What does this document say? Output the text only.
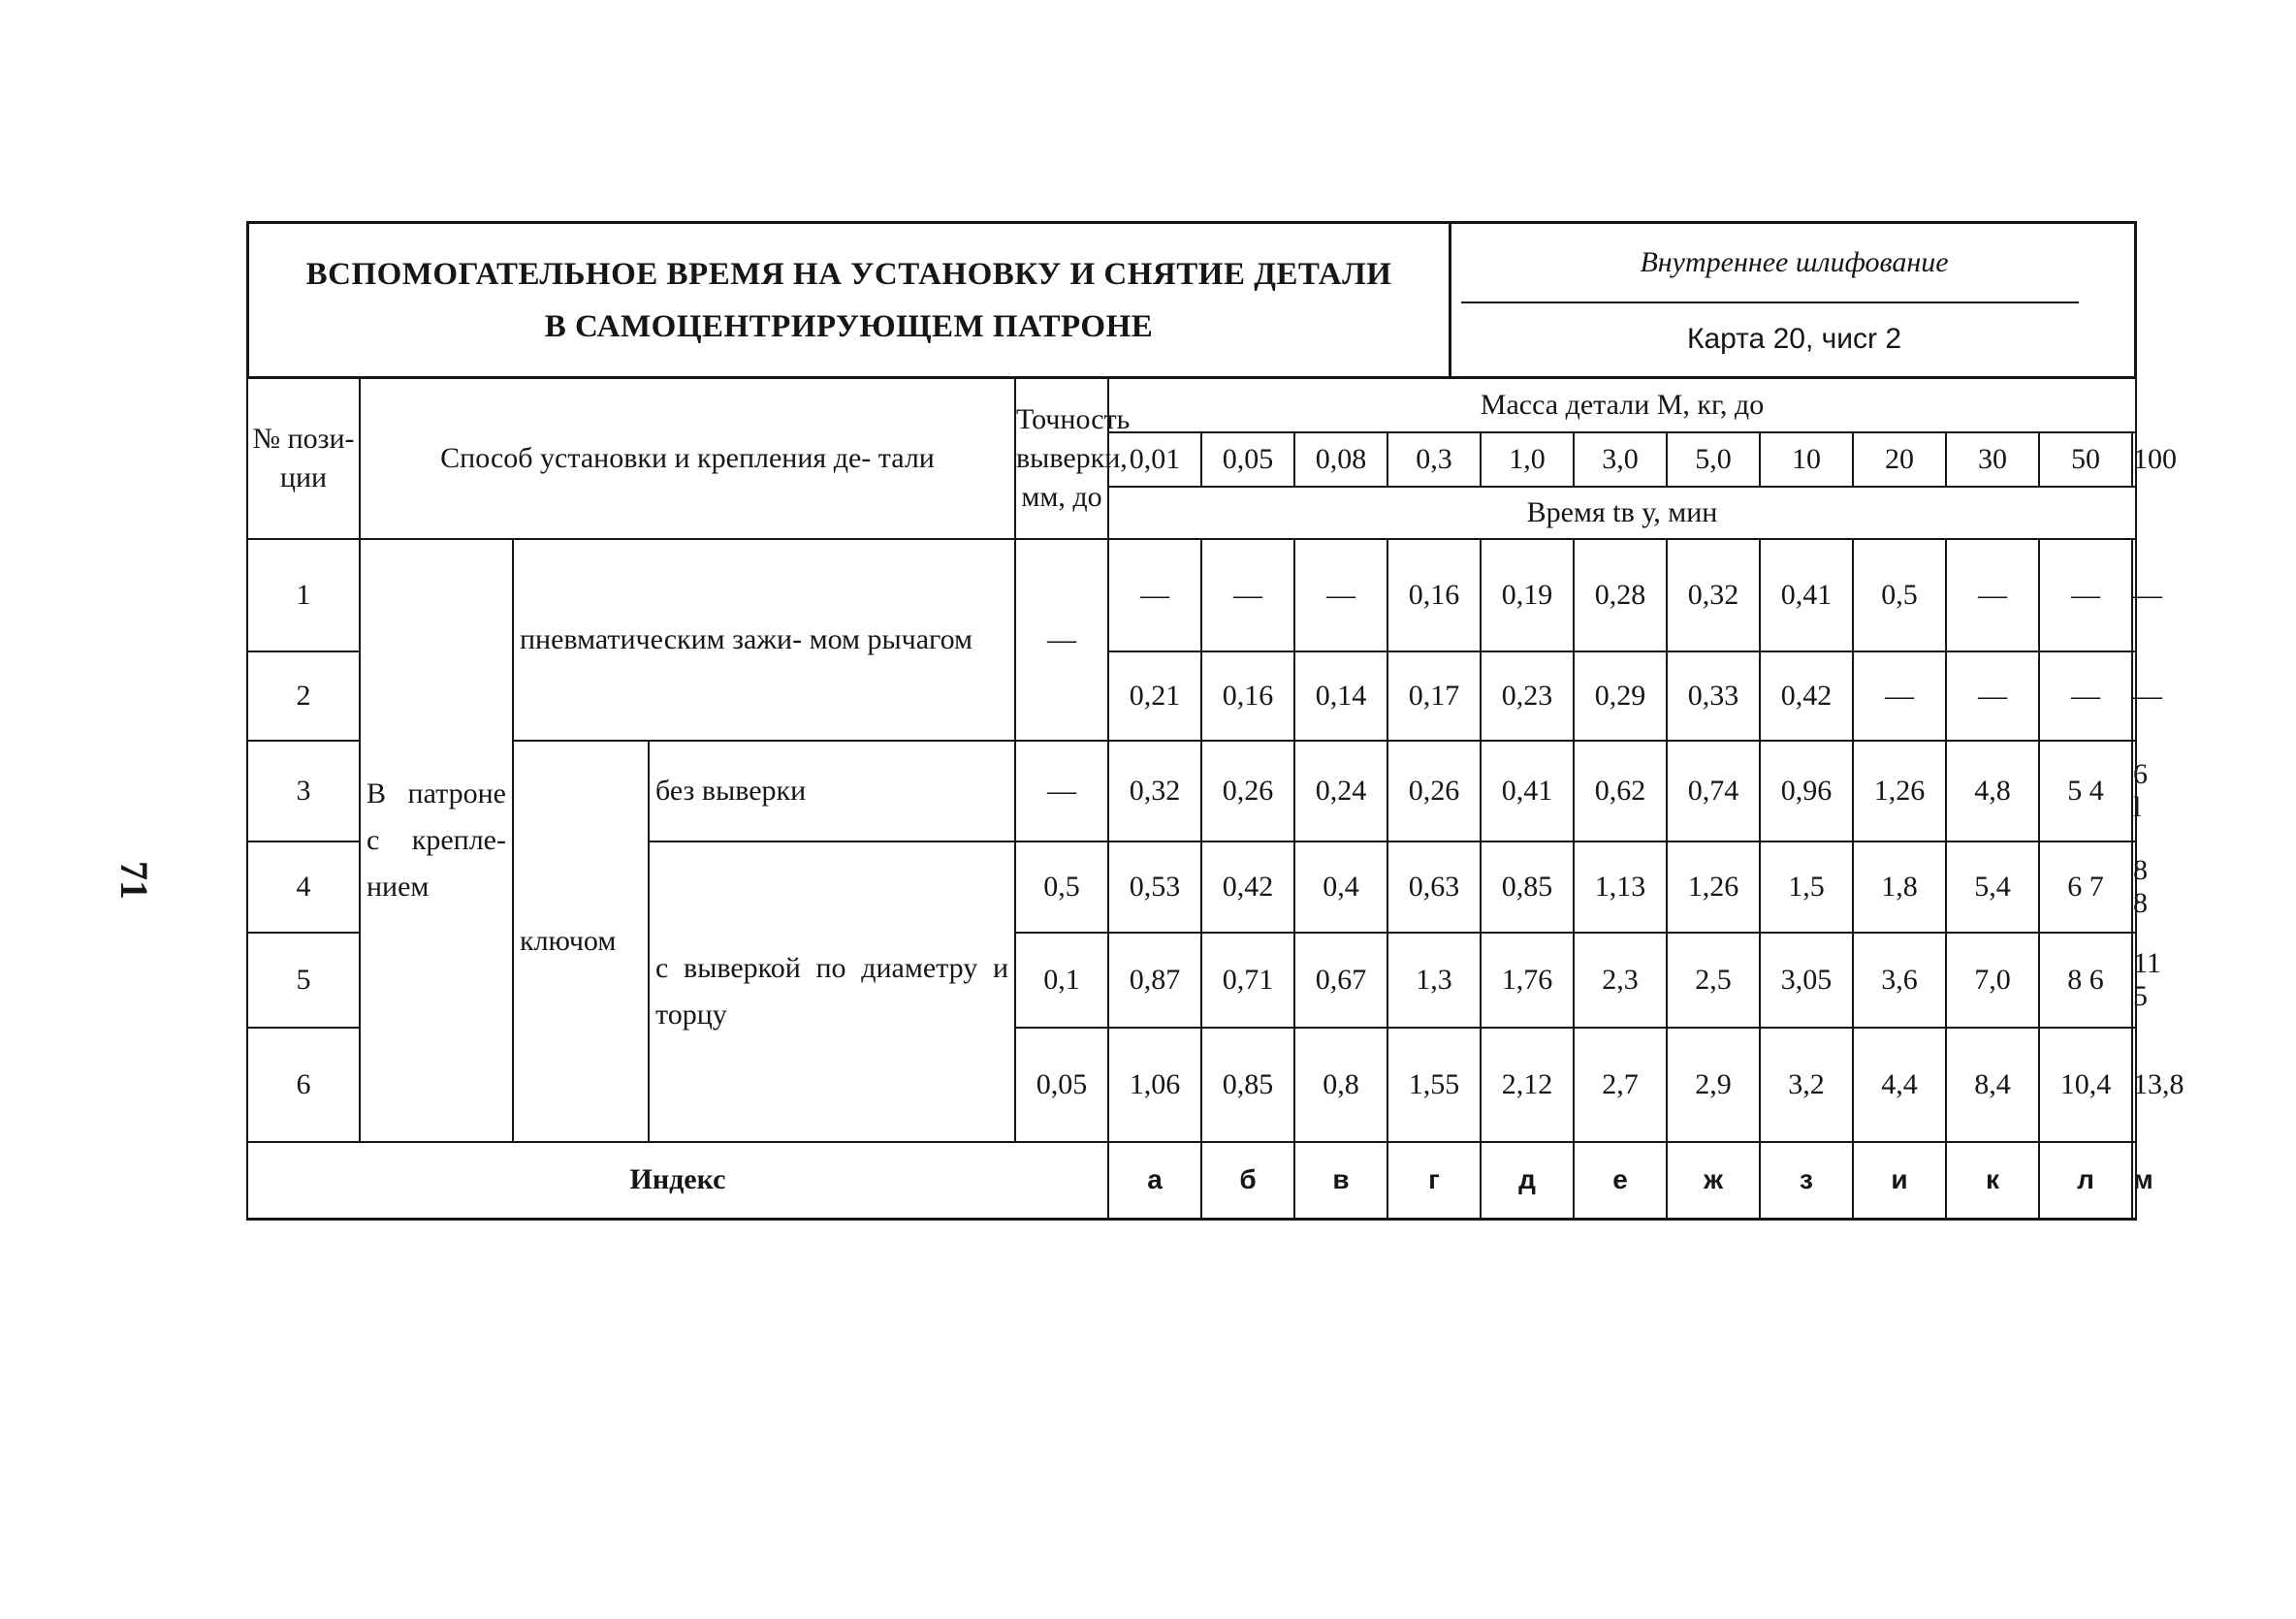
71
ВСПОМОГАТЕЛЬНОЕ ВРЕМЯ НА УСТАНОВКУ И СНЯТИЕ ДЕТАЛИ
В САМОЦЕНТРИРУЮЩЕМ ПАТРОНЕ
Внутреннее шлифование
Карта 20, чиcr 2
№ пози- ции	Способ установки и крепления де- тали			Точность выверки, мм, до	Масса детали М, кг, до											
					0,01	0,05	0,08	0,3	1,0	3,0	5,0	10	20	30	50	100
					Время tв у, мин											
1	В патроне с крепле- нием	пневматическим зажи- мом рычагом		—	—	—	—	0,16	0,19	0,28	0,32	0,41	0,5	—	—	—
2					0,21	0,16	0,14	0,17	0,23	0,29	0,33	0,42	—	—	—	—
3		ключом	без выверки	—	0,32	0,26	0,24	0,26	0,41	0,62	0,74	0,96	1,26	4,8	5 4	6 l
4			с выверкой по диаметру и торцу	0,5	0,53	0,42	0,4	0,63	0,85	1,13	1,26	1,5	1,8	5,4	6 7	8 8
5				0,1	0,87	0,71	0,67	1,3	1,76	2,3	2,5	3,05	3,6	7,0	8 6	11 5
6				0,05	1,06	0,85	0,8	1,55	2,12	2,7	2,9	3,2	4,4	8,4	10,4	13,8
Индекс					а	б	в	г	д	е	ж	з	и	к	л	м
